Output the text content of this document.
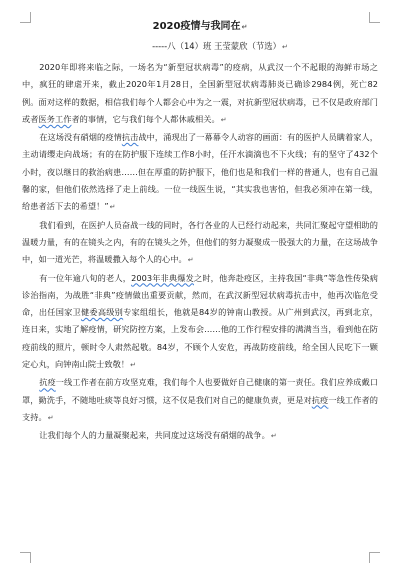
2020疫情与我同在↵
-----八（14）班 王莹蒙欣（节选）↵

2020年即将来临之际，一场名为“新型冠状病毒”的疫病，从武汉一个不起眼的海鲜市场之中，疯狂的肆虐开来，截止2020年1月28日，全国新型冠状病毒肺炎已确诊2984例，死亡82例。面对这样的数据，相信我们每个人都会心中为之一震，对抗新型冠状病毒，已不仅是政府部门或者医务工作者的事情，它与我们每个人都休戚相关。↵

在这场没有硝烟的疫情抗击战中，涌现出了一幕幕令人动容的画面：有的医护人员瞒着家人，主动请缨走向战场；有的在防护服下连续工作8小时，任汗水滴滴也不下火线；有的坚守了432个小时，夜以继日的救治病患……但在厚重的防护服下，他们也是和我们一样的普通人，也有自己温馨的家，但他们依然选择了走上前线。一位一线医生说，“其实我也害怕，但我必须冲在第一线，给患者活下去的希望！”↵

我们看到，在医护人员奋战一线的同时，各行各业的人已经行动起来，共同汇聚起守望相助的温暖力量，有的在镜头之内，有的在镜头之外，但他们的努力凝聚成一股强大的力量，在这场战争中，如一道光芒，将温暖撒入每个人的心中。↵

有一位年逾八旬的老人，2003年非典爆发之时，他奔赴疫区，主持我国“非典”等急性传染病诊治指南，为战胜“非典”疫情做出重要贡献，然而，在武汉新型冠状病毒抗击中，他再次临危受命，出任国家卫健委高级别专家组组长，他就是84岁的钟南山教授。从广州到武汉，再到北京，连日来，实地了解疫情，研究防控方案，上发布会……他的工作行程安排的满满当当，看到他在防疫前线的照片，顿时令人肃然起敬。84岁，不顾个人安危，再战防疫前线，给全国人民吃下一颗定心丸，向钟南山院士致敬！↵

抗疫一线工作者在前方攻坚克难，我们每个人也要做好自己健康的第一责任。我们应养成戴口罩，勤洗手，不随地吐痰等良好习惯，这不仅是我们对自己的健康负责，更是对抗疫一线工作者的支持。↵

让我们每个人的力量凝聚起来，共同度过这场没有硝烟的战争。↵
